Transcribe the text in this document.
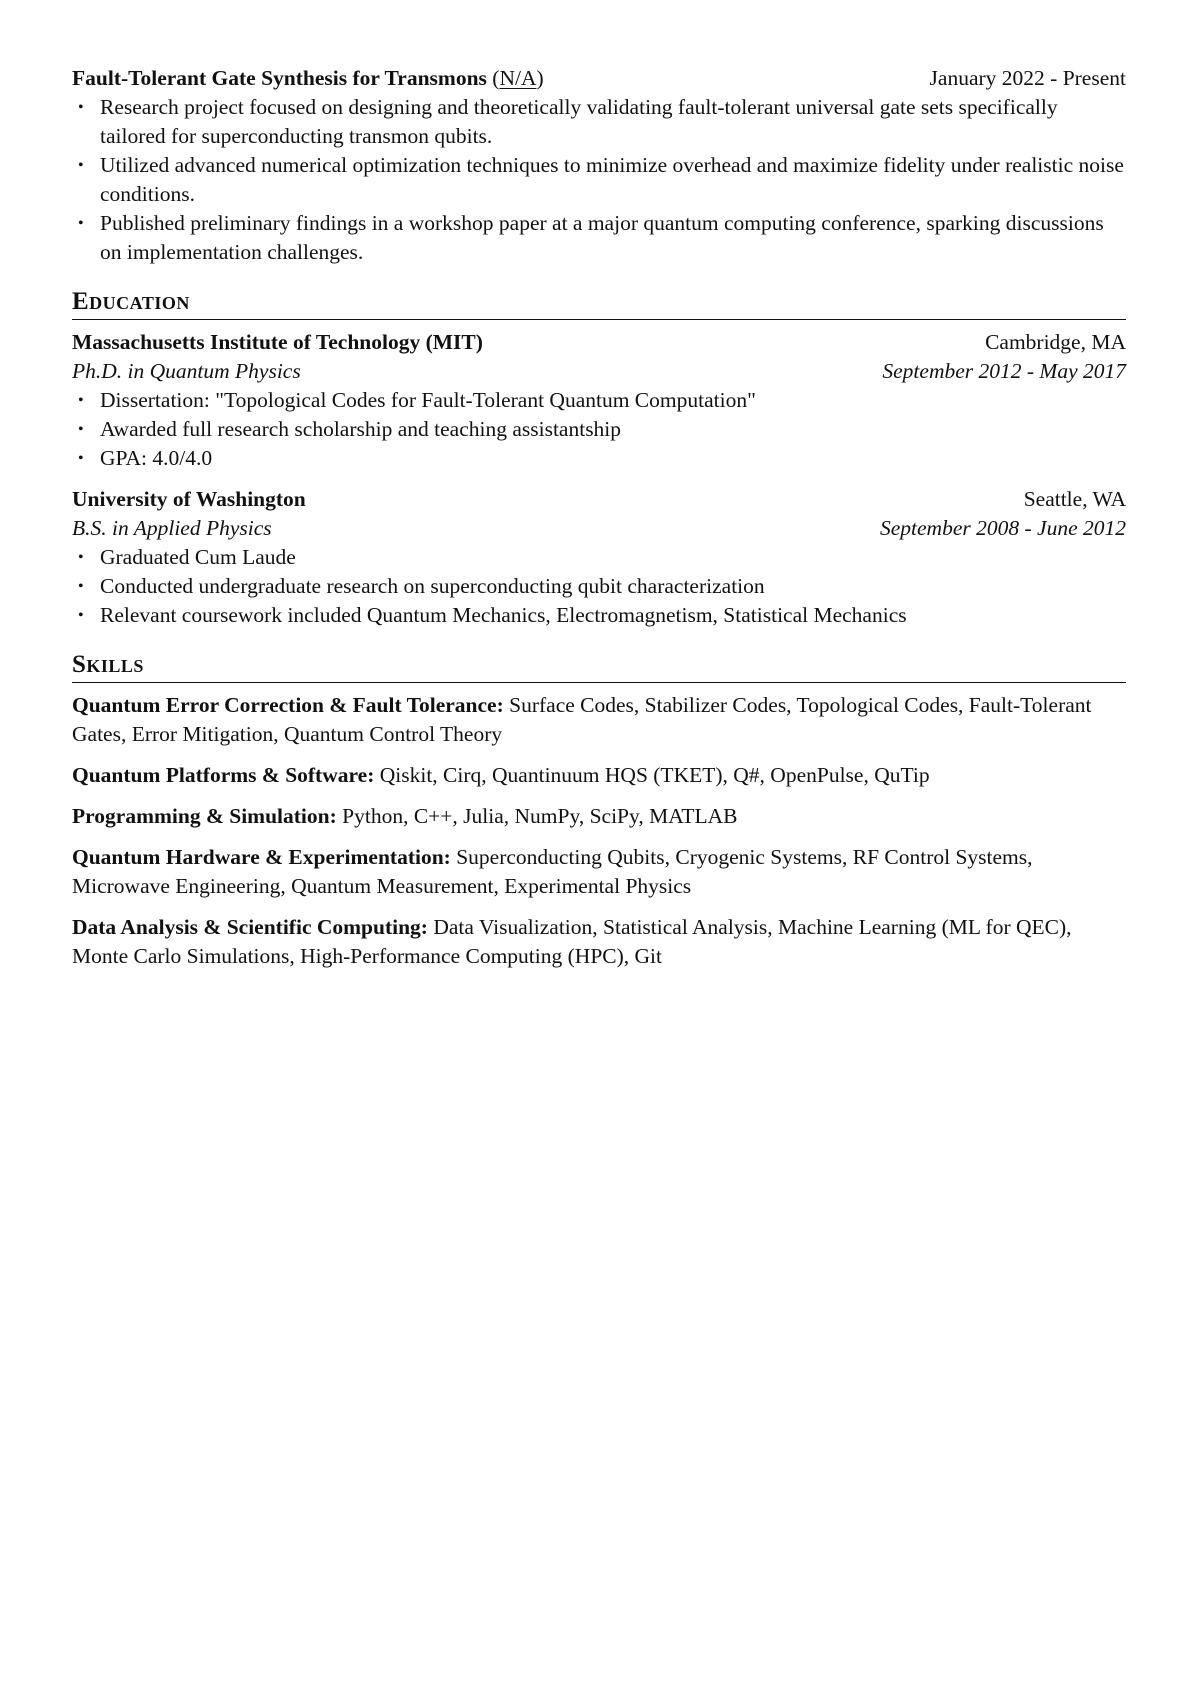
Fault-Tolerant Gate Synthesis for Transmons (N/A)	January 2022 - Present
• Research project focused on designing and theoretically validating fault-tolerant universal gate sets specifically tailored for superconducting transmon qubits.
• Utilized advanced numerical optimization techniques to minimize overhead and maximize fidelity under realistic noise conditions.
• Published preliminary findings in a workshop paper at a major quantum computing conference, sparking discussions on implementation challenges.
Education
Massachusetts Institute of Technology (MIT)	Cambridge, MA
Ph.D. in Quantum Physics	September 2012 - May 2017
• Dissertation: "Topological Codes for Fault-Tolerant Quantum Computation"
• Awarded full research scholarship and teaching assistantship
• GPA: 4.0/4.0
University of Washington	Seattle, WA
B.S. in Applied Physics	September 2008 - June 2012
• Graduated Cum Laude
• Conducted undergraduate research on superconducting qubit characterization
• Relevant coursework included Quantum Mechanics, Electromagnetism, Statistical Mechanics
Skills
Quantum Error Correction & Fault Tolerance: Surface Codes, Stabilizer Codes, Topological Codes, Fault-Tolerant Gates, Error Mitigation, Quantum Control Theory
Quantum Platforms & Software: Qiskit, Cirq, Quantinuum HQS (TKET), Q#, OpenPulse, QuTip
Programming & Simulation: Python, C++, Julia, NumPy, SciPy, MATLAB
Quantum Hardware & Experimentation: Superconducting Qubits, Cryogenic Systems, RF Control Systems, Microwave Engineering, Quantum Measurement, Experimental Physics
Data Analysis & Scientific Computing: Data Visualization, Statistical Analysis, Machine Learning (ML for QEC), Monte Carlo Simulations, High-Performance Computing (HPC), Git
